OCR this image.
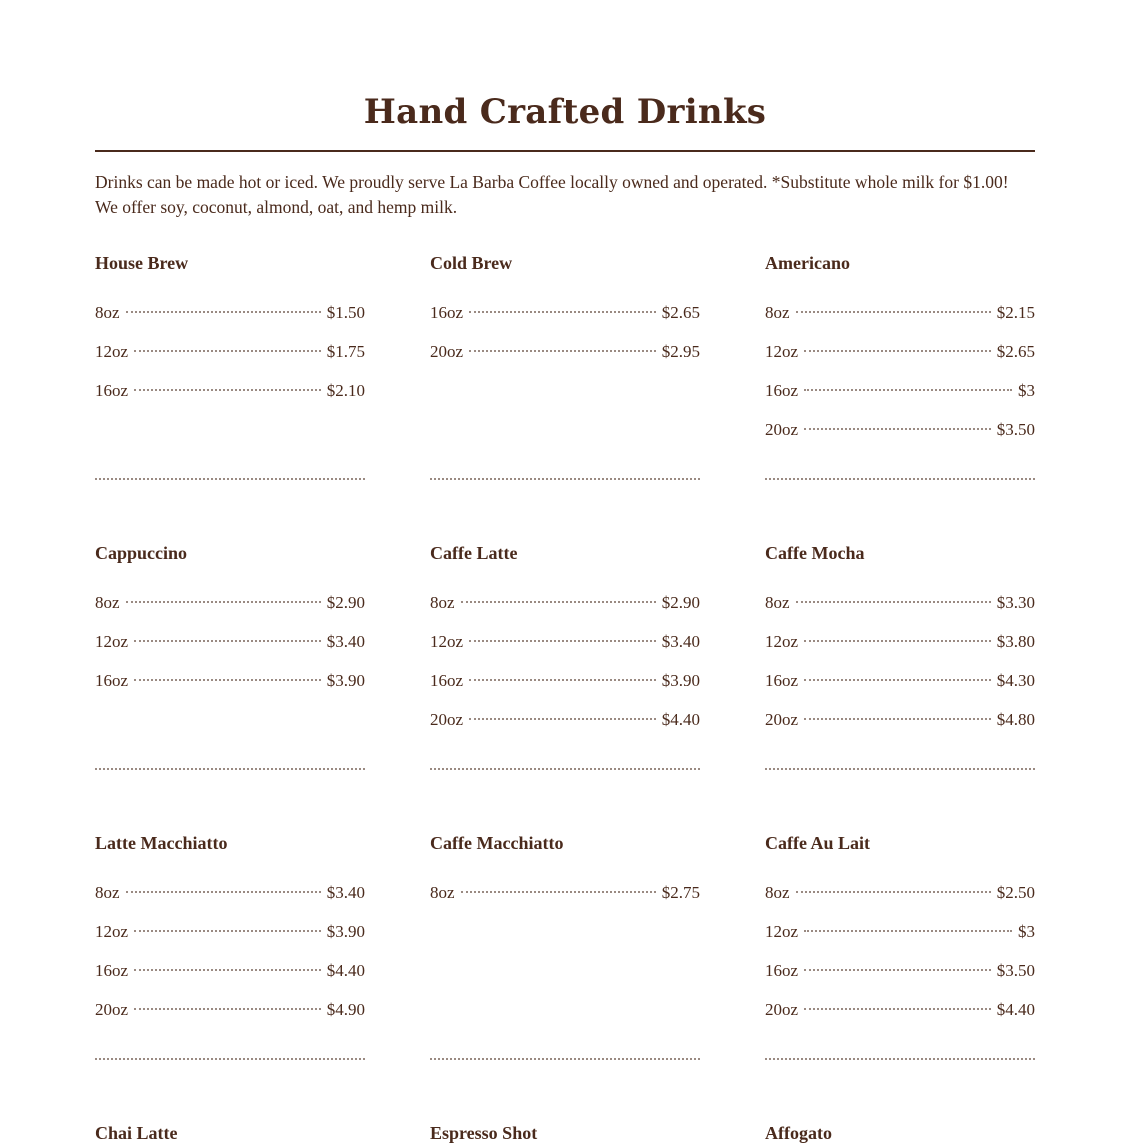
Hand Crafted Drinks

Drinks can be made hot or iced. We proudly serve La Barba Coffee locally owned and operated. *Substitute whole milk for $1.00! We offer soy, coconut, almond, oat, and hemp milk.

House Brew
8oz	$1.50
12oz	$1.75
16oz	$2.10
Cold Brew
16oz	$2.65
20oz	$2.95
Americano
8oz	$2.15
12oz	$2.65
16oz	$3
20oz	$3.50
Cappuccino
8oz	$2.90
12oz	$3.40
16oz	$3.90
Caffe Latte
8oz	$2.90
12oz	$3.40
16oz	$3.90
20oz	$4.40
Caffe Mocha
8oz	$3.30
12oz	$3.80
16oz	$4.30
20oz	$4.80
Latte Macchiatto
8oz	$3.40
12oz	$3.90
16oz	$4.40
20oz	$4.90
Caffe Macchiatto
8oz	$2.75
Caffe Au Lait
8oz	$2.50
12oz	$3
16oz	$3.50
20oz	$4.40
Chai Latte	Espresso Shot	Affogato
